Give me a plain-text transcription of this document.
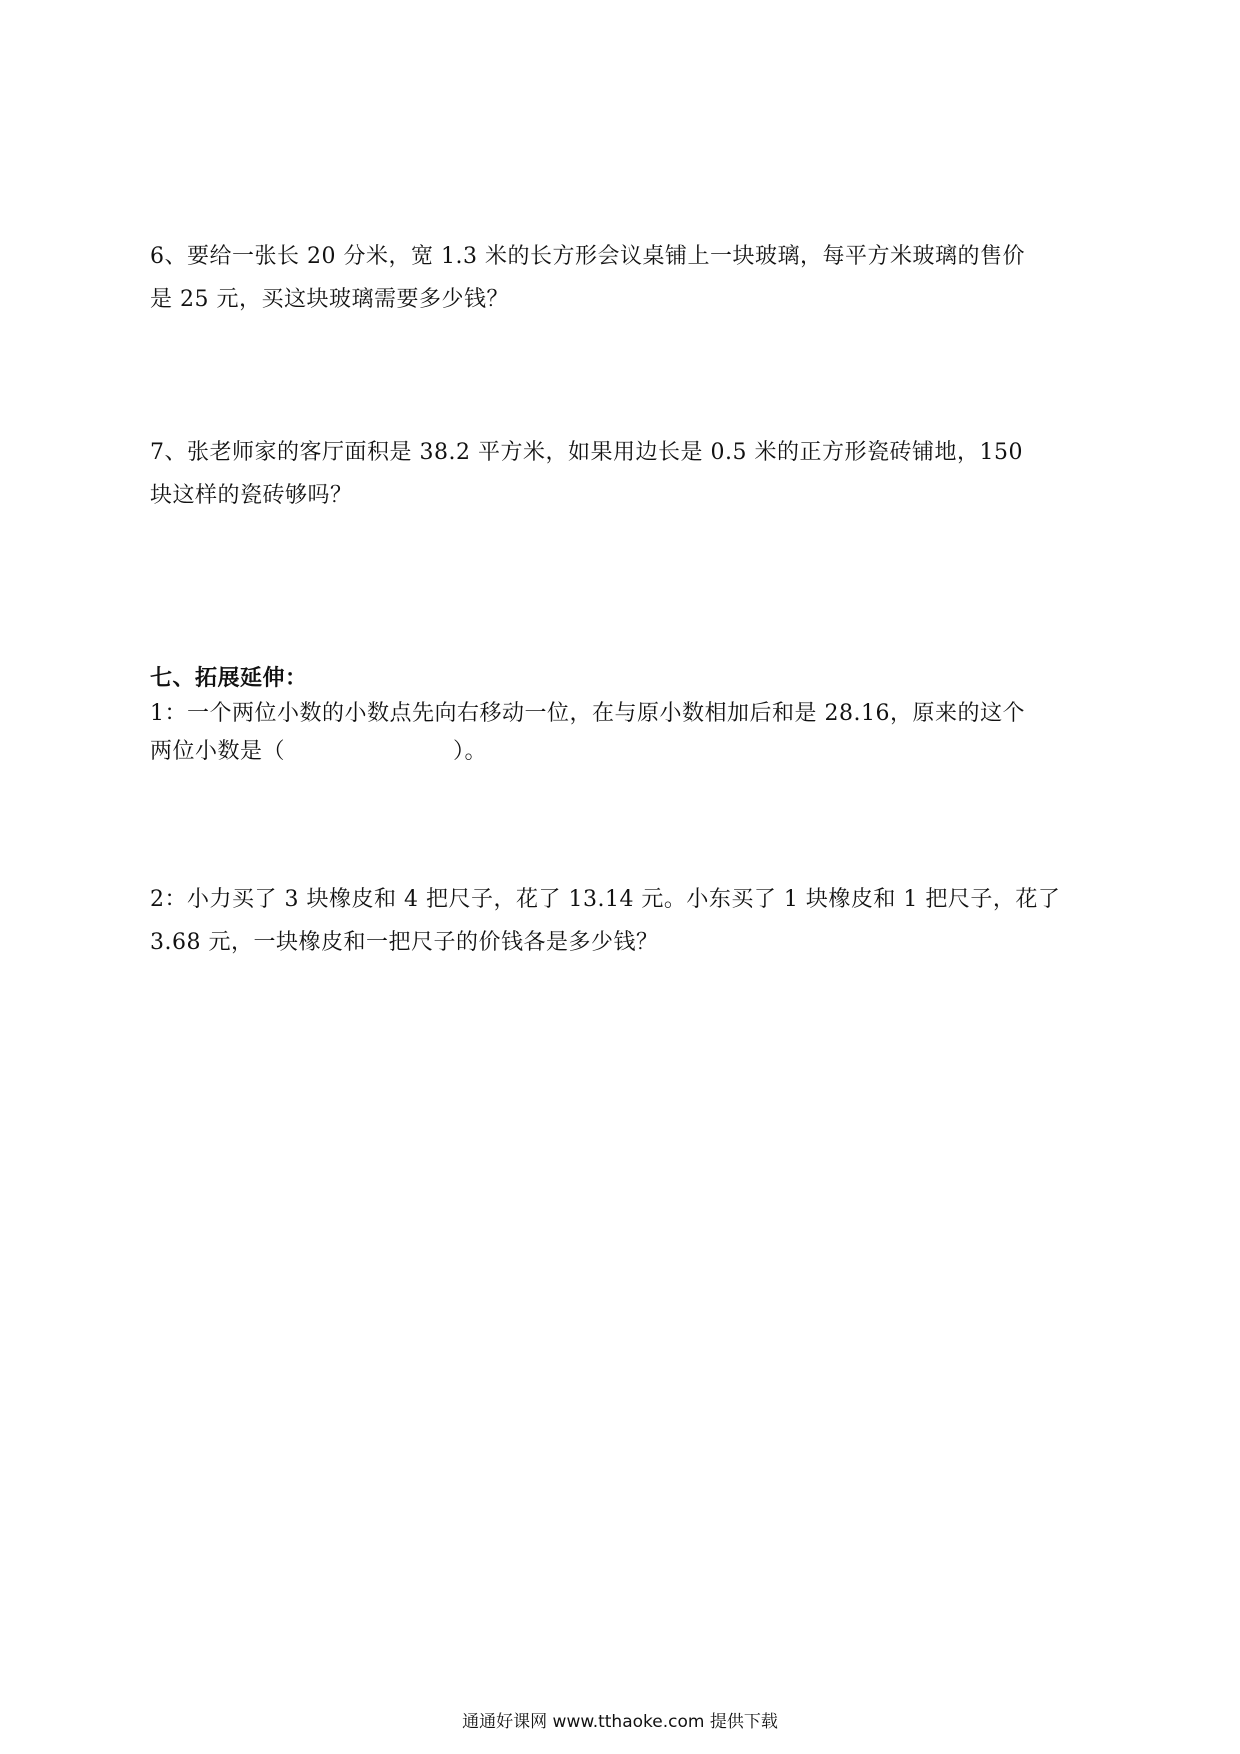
6、要给一张长 20 分米，宽 1.3 米的长方形会议桌铺上一块玻璃，每平方米玻璃的售价
是 25 元，买这块玻璃需要多少钱？
7、张老师家的客厅面积是 38.2 平方米，如果用边长是 0.5 米的正方形瓷砖铺地，150
块这样的瓷砖够吗？
七、拓展延伸：
1：一个两位小数的小数点先向右移动一位，在与原小数相加后和是 28.16，原来的这个
两位小数是（	）。
2：小力买了 3 块橡皮和 4 把尺子，花了 13.14 元。小东买了 1 块橡皮和 1 把尺子，花了
3.68 元，一块橡皮和一把尺子的价钱各是多少钱？
通通好课网 www.tthaoke.com 提供下载
